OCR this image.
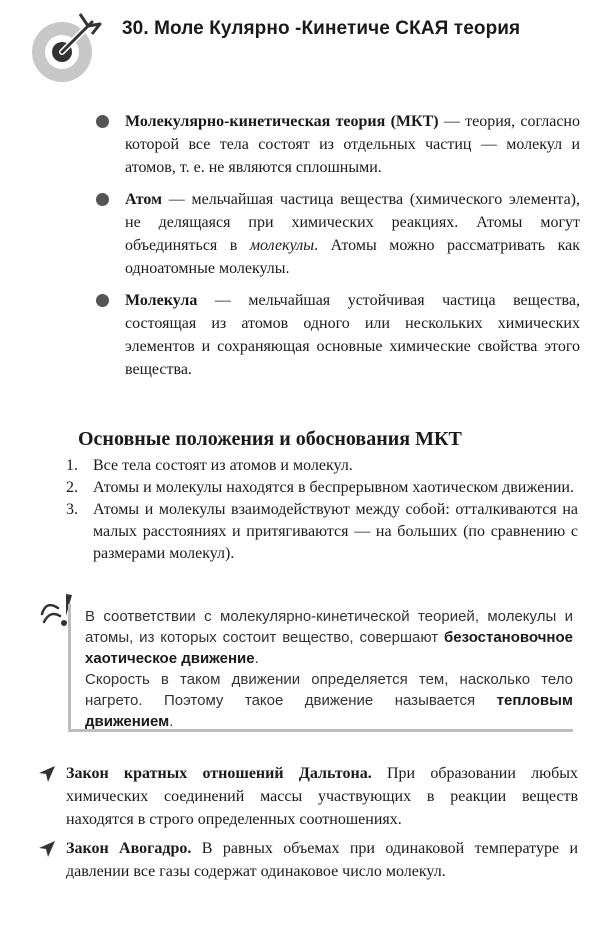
30. Моле Кулярно -Кинетиче СКАЯ теория
Молекулярно-кинетическая теория (МКТ) — теория, согласно которой все тела состоят из отдельных частиц — молекул и атомов, т. е. не являются сплошными.
Атом — мельчайшая частица вещества (химического элемента), не делящаяся при химических реакциях. Атомы могут объединяться в молекулы. Атомы можно рассматривать как одноатомные молекулы.
Молекула — мельчайшая устойчивая частица вещества, состоящая из атомов одного или нескольких химических элементов и сохраняющая основные химические свойства этого вещества.
Основные положения и обоснования МКТ
1. Все тела состоят из атомов и молекул.
2. Атомы и молекулы находятся в беспрерывном хаотическом движении.
3. Атомы и молекулы взаимодействуют между собой: отталкиваются на малых расстояниях и притягиваются — на больших (по сравнению с размерами молекул).
В соответствии с молекулярно-кинетической теорией, молекулы и атомы, из которых состоит вещество, совершают безостановочное хаотическое движение.
Скорость в таком движении определяется тем, насколько тело нагрето. Поэтому такое движение называется тепловым движением.
Закон кратных отношений Дальтона. При образовании любых химических соединений массы участвующих в реакции веществ находятся в строго определенных соотношениях.
Закон Авогадро. В равных объемах при одинаковой температуре и давлении все газы содержат одинаковое число молекул.
